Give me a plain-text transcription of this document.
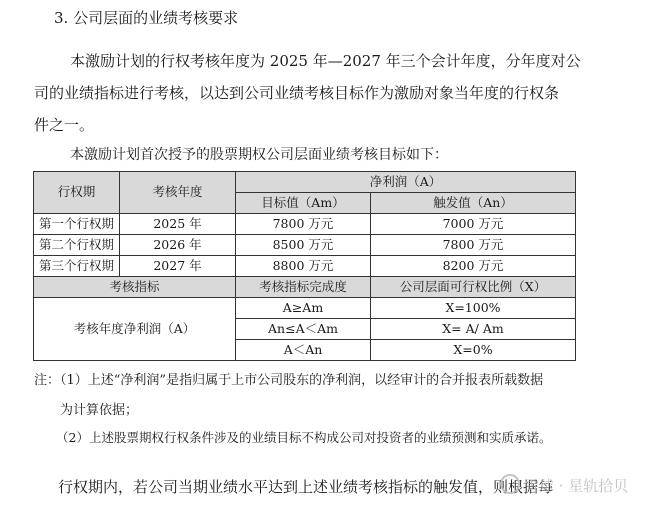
3. 公司层面的业绩考核要求
本激励计划的行权考核年度为 2025 年—2027 年三个会计年度，分年度对公
司的业绩指标进行考核，以达到公司业绩考核目标作为激励对象当年度的行权条
件之一。
本激励计划首次授予的股票期权公司层面业绩考核目标如下：
行权期	考核年度	净利润（A）	
		目标值（Am）	触发值（An）
第一个行权期	2025 年	7800 万元	7000 万元
第二个行权期	2026 年	8500 万元	7800 万元
第三个行权期	2027 年	8800 万元	8200 万元
考核指标		考核指标完成度	公司层面可行权比例（X）
考核年度净利润（A）		A≥Am	X=100%
		An≤A＜Am	X= A/ Am
		A＜An	X=0%
注：（1）上述“净利润”是指归属于上市公司股东的净利润，以经审计的合并报表所载数据
为计算依据；
（2）上述股票期权行权条件涉及的业绩目标不构成公司对投资者的业绩预测和实质承诺。
行权期内，若公司当期业绩水平达到上述业绩考核指标的触发值，则根据每
雪球 · 星轨拾贝
